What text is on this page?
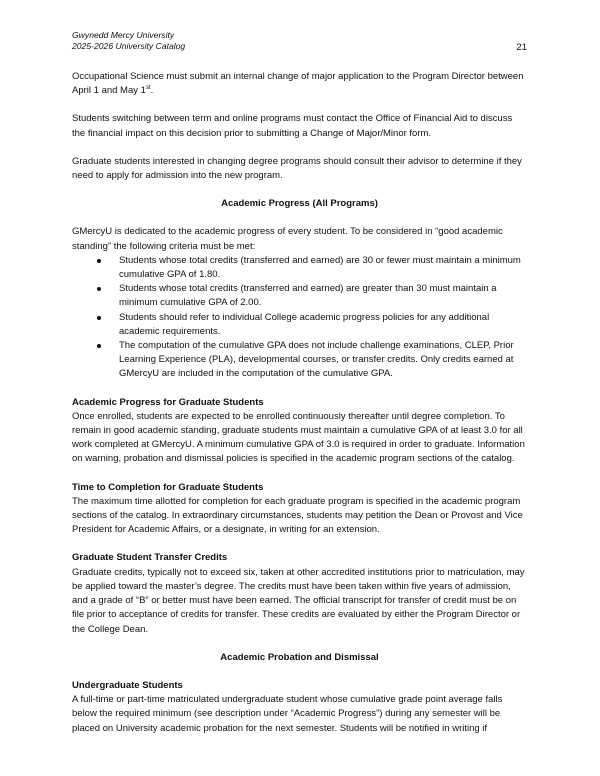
Gwynedd Mercy University
2025-2026 University Catalog	21

Occupational Science must submit an internal change of major application to the Program Director between April 1 and May 1st.

Students switching between term and online programs must contact the Office of Financial Aid to discuss the financial impact on this decision prior to submitting a Change of Major/Minor form.

Graduate students interested in changing degree programs should consult their advisor to determine if they need to apply for admission into the new program.

Academic Progress (All Programs)

GMercyU is dedicated to the academic progress of every student. To be considered in “good academic standing” the following criteria must be met:

Students whose total credits (transferred and earned) are 30 or fewer must maintain a minimum cumulative GPA of 1.80.
Students whose total credits (transferred and earned) are greater than 30 must maintain a minimum cumulative GPA of 2.00.
Students should refer to individual College academic progress policies for any additional academic requirements.
The computation of the cumulative GPA does not include challenge examinations, CLEP, Prior Learning Experience (PLA), developmental courses, or transfer credits. Only credits earned at GMercyU are included in the computation of the cumulative GPA.

Academic Progress for Graduate Students

Once enrolled, students are expected to be enrolled continuously thereafter until degree completion. To remain in good academic standing, graduate students must maintain a cumulative GPA of at least 3.0 for all work completed at GMercyU. A minimum cumulative GPA of 3.0 is required in order to graduate. Information on warning, probation and dismissal policies is specified in the academic program sections of the catalog.

Time to Completion for Graduate Students

The maximum time allotted for completion for each graduate program is specified in the academic program sections of the catalog. In extraordinary circumstances, students may petition the Dean or Provost and Vice President for Academic Affairs, or a designate, in writing for an extension.

Graduate Student Transfer Credits

Graduate credits, typically not to exceed six, taken at other accredited institutions prior to matriculation, may be applied toward the master’s degree. The credits must have been taken within five years of admission, and a grade of “B” or better must have been earned. The official transcript for transfer of credit must be on file prior to acceptance of credits for transfer. These credits are evaluated by either the Program Director or the College Dean.

Academic Probation and Dismissal

Undergraduate Students

A full-time or part-time matriculated undergraduate student whose cumulative grade point average falls below the required minimum (see description under “Academic Progress”) during any semester will be placed on University academic probation for the next semester. Students will be notified in writing if
